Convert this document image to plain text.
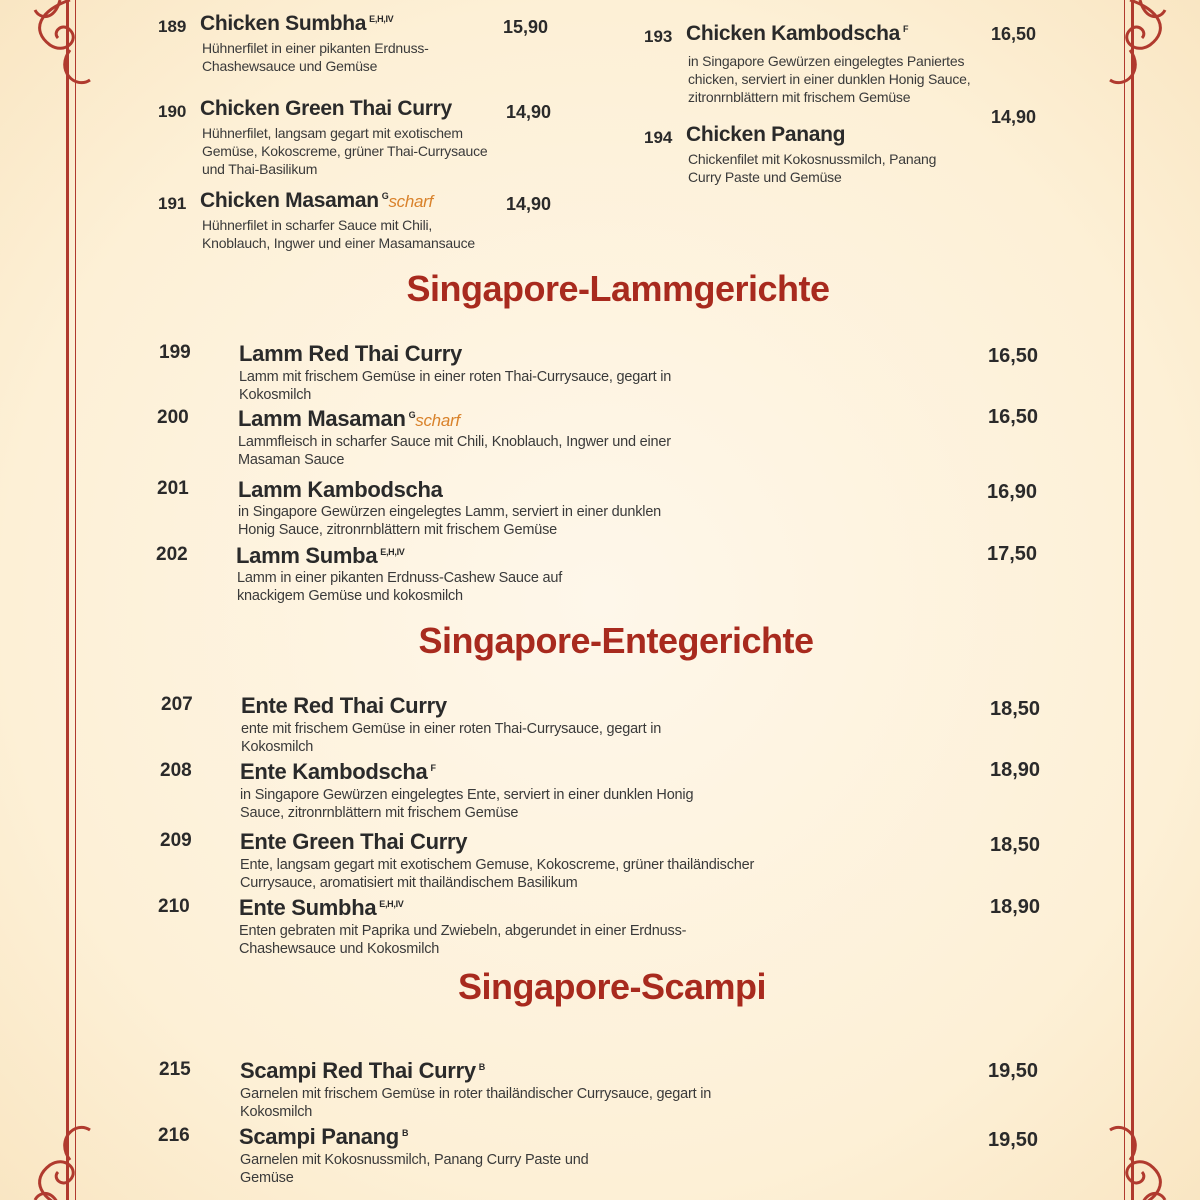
189 Chicken Sumbha $^{E,H,IV}$
Hühnerfilet in einer pikanten Erdnuss-
Chashewsauce und Gemüse
15,90
190 Chicken Green Thai Curry
Hühnerfilet, langsam gegart mit exotischem
Gemüse, Kokoscreme, grüner Thai-Currysauce
und Thai-Basilikum
14,90
191 Chicken Masaman $^G$scharf
Hühnerfilet in scharfer Sauce mit Chili,
Knoblauch, Ingwer und einer Masamansauce
14,90
193 Chicken Kambodscha $^F$
in Singapore Gewürzen eingelegtes Paniertes
chicken, serviert in einer dunklen Honig Sauce,
zitronrnblättern mit frischem Gemüse
16,50
194 Chicken Panang
Chickenfilet mit Kokosnussmilch, Panang
Curry Paste und Gemüse
14,90
Singapore-Lammgerichte
199 Lamm Red Thai Curry
Lamm mit frischem Gemüse in einer roten Thai-Currysauce, gegart in
Kokosmilch
16,50
200 Lamm Masaman $^G$scharf
Lammfleisch in scharfer Sauce mit Chili, Knoblauch, Ingwer und einer
Masaman Sauce
16,50
201 Lamm Kambodscha
in Singapore Gewürzen eingelegtes Lamm, serviert in einer dunklen
Honig Sauce, zitronrnblättern mit frischem Gemüse
16,90
202 Lamm Sumba $^{E,H,IV}$
Lamm in einer pikanten Erdnuss-Cashew Sauce auf
knackigem Gemüse und kokosmilch
17,50
Singapore-Entegerichte
207 Ente Red Thai Curry
ente mit frischem Gemüse in einer roten Thai-Currysauce, gegart in
Kokosmilch
18,50
208 Ente Kambodscha $^F$
in Singapore Gewürzen eingelegtes Ente, serviert in einer dunklen Honig
Sauce, zitronrnblättern mit frischem Gemüse
18,90
209 Ente Green Thai Curry
Ente, langsam gegart mit exotischem Gemuse, Kokoscreme, grüner thailändischer
Currysauce, aromatisiert mit thailändischem Basilikum
18,50
210 Ente Sumbha $^{E,H,IV}$
Enten gebraten mit Paprika und Zwiebeln, abgerundet in einer Erdnuss-
Chashewsauce und Kokosmilch
18,90
Singapore-Scampi
215 Scampi Red Thai Curry $^B$
Garnelen mit frischem Gemüse in roter thailändischer Currysauce, gegart in
Kokosmilch
19,50
216 Scampi Panang $^B$
Garnelen mit Kokosnussmilch, Panang Curry Paste und
Gemüse
19,50
